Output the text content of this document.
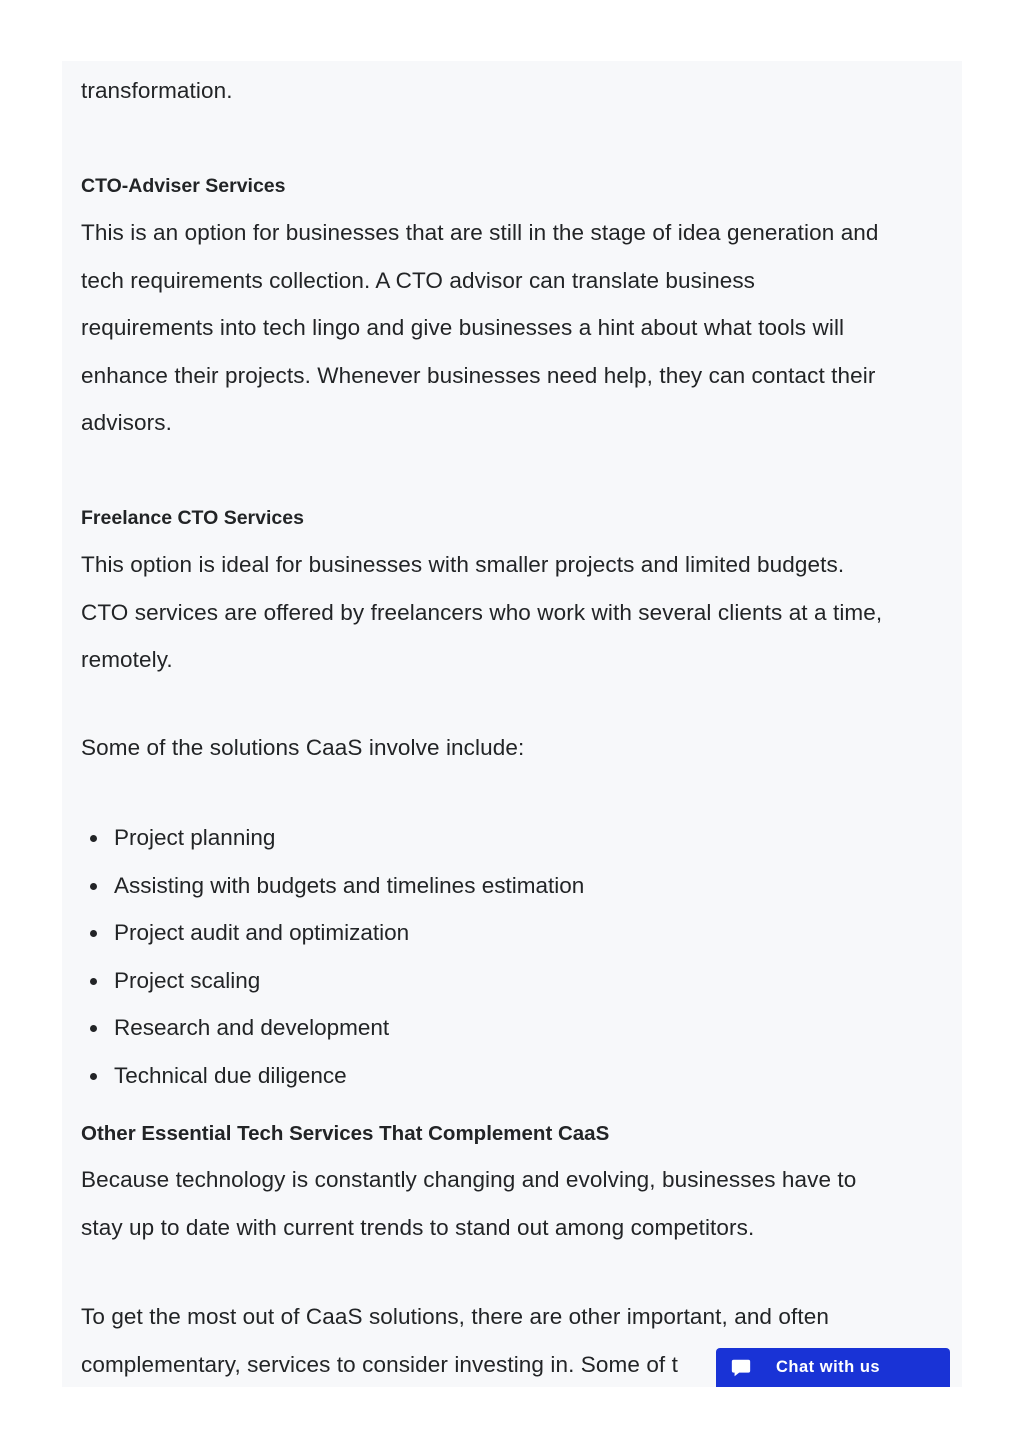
transformation.

CTO-Adviser Services

This is an option for businesses that are still in the stage of idea generation and

tech requirements collection. A CTO advisor can translate business

requirements into tech lingo and give businesses a hint about what tools will

enhance their projects. Whenever businesses need help, they can contact their

advisors.

Freelance CTO Services

This option is ideal for businesses with smaller projects and limited budgets.

CTO services are offered by freelancers who work with several clients at a time,

remotely.

Some of the solutions CaaS involve include:

Project planning
Assisting with budgets and timelines estimation
Project audit and optimization
Project scaling
Research and development
Technical due diligence
Other Essential Tech Services That Complement CaaS

Because technology is constantly changing and evolving, businesses have to

stay up to date with current trends to stand out among competitors.

To get the most out of CaaS solutions, there are other important, and often

complementary, services to consider investing in. Some of t	Chat with us
